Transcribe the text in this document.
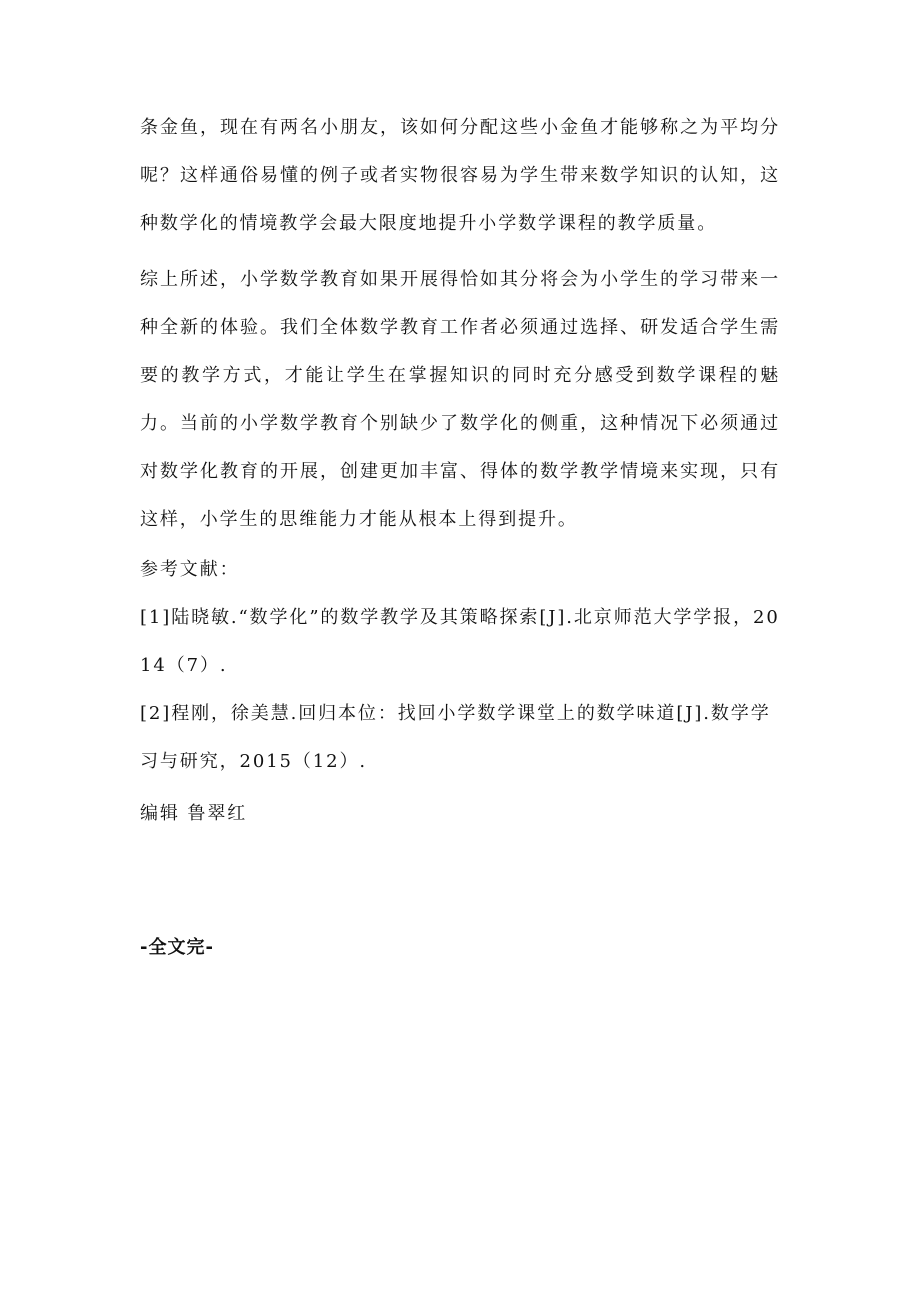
条金鱼，现在有两名小朋友，该如何分配这些小金鱼才能够称之为平均分呢？这样通俗易懂的例子或者实物很容易为学生带来数学知识的认知，这种数学化的情境教学会最大限度地提升小学数学课程的教学质量。

综上所述，小学数学教育如果开展得恰如其分将会为小学生的学习带来一种全新的体验。我们全体数学教育工作者必须通过选择、研发适合学生需要的教学方式，才能让学生在掌握知识的同时充分感受到数学课程的魅力。当前的小学数学教育个别缺少了数学化的侧重，这种情况下必须通过对数学化教育的开展，创建更加丰富、得体的数学教学情境来实现，只有这样，小学生的思维能力才能从根本上得到提升。

参考文献：

[1]陆晓敏.“数学化”的数学教学及其策略探索[J].北京师范大学学报，2014（7）.

[2]程刚，徐美慧.回归本位：找回小学数学课堂上的数学味道[J].数学学习与研究，2015（12）.

编辑 鲁翠红

-全文完-
